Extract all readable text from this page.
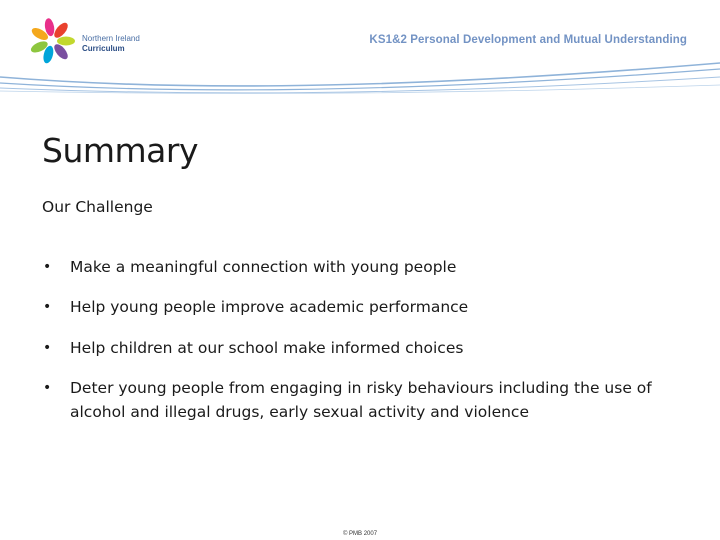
Northern Ireland
Curriculum
KS1&2 Personal Development and Mutual Understanding
Summary

Our Challenge

• Make a meaningful connection with young people
• Help young people improve academic performance
• Help children at our school make informed choices
• Deter young people from engaging in risky behaviours including the use of alcohol and illegal drugs, early sexual activity and violence
© PMB 2007
